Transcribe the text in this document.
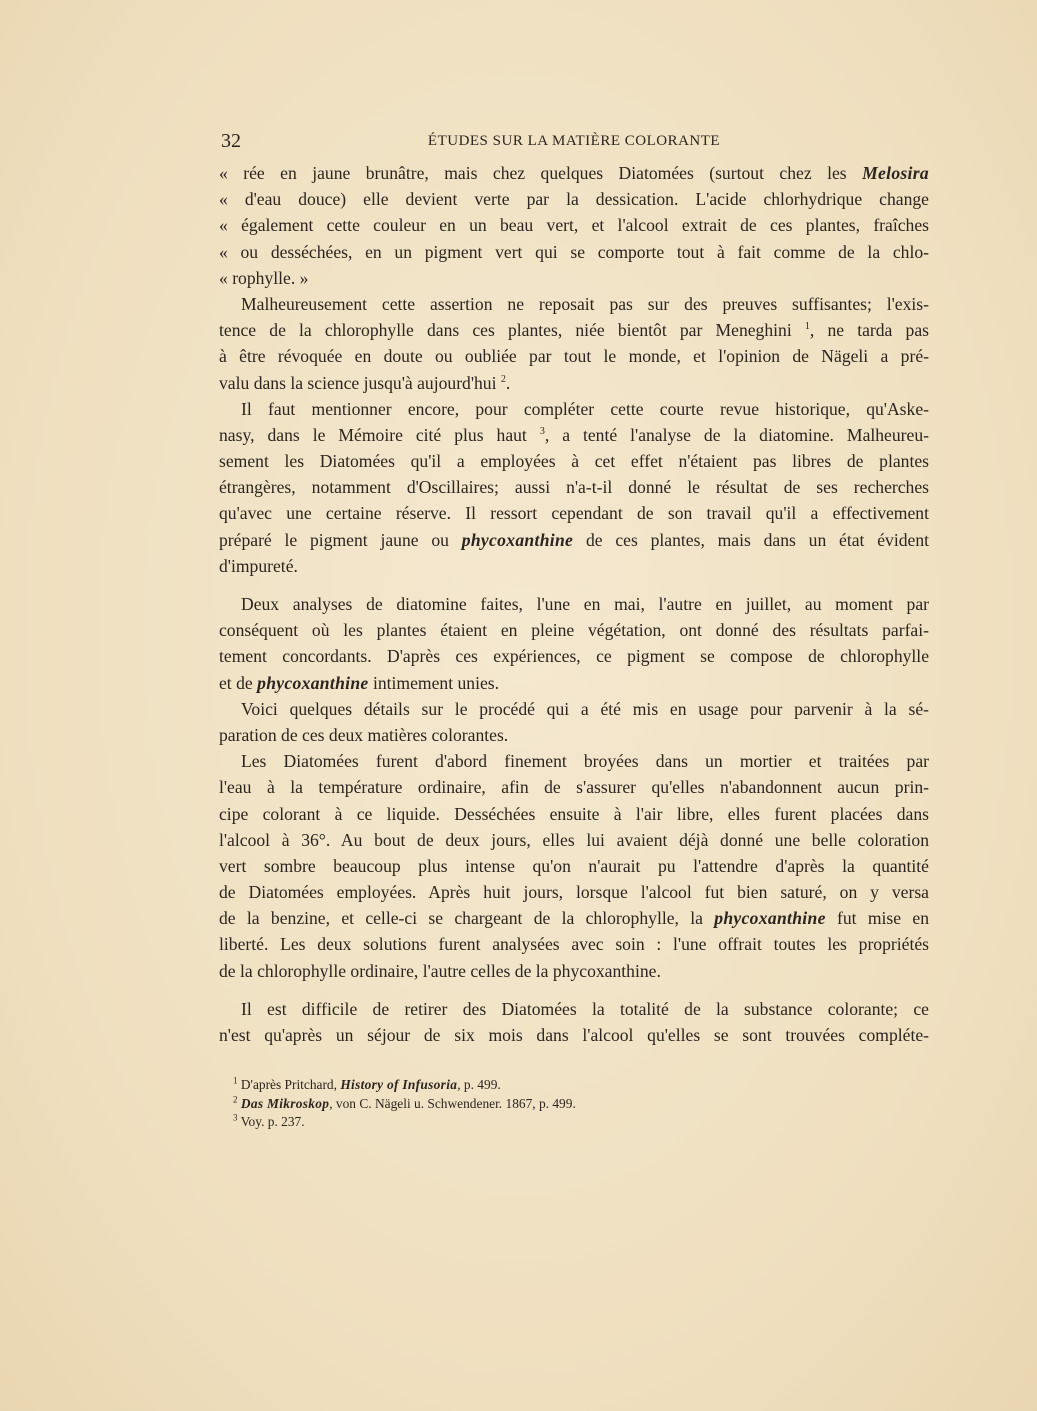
32	ÉTUDES SUR LA MATIÈRE COLORANTE
« rée en jaune brunâtre, mais chez quelques Diatomées (surtout chez les Melosira
« d'eau douce) elle devient verte par la dessication. L'acide chlorhydrique change
« également cette couleur en un beau vert, et l'alcool extrait de ces plantes, fraîches
« ou desséchées, en un pigment vert qui se comporte tout à fait comme de la chlo-
« rophylle. »
Malheureusement cette assertion ne reposait pas sur des preuves suffisantes; l'exis-
tence de la chlorophylle dans ces plantes, niée bientôt par Meneghini $^1$, ne tarda pas
à être révoquée en doute ou oubliée par tout le monde, et l'opinion de Nägeli a pré-
valu dans la science jusqu'à aujourd'hui $^2$.
Il faut mentionner encore, pour compléter cette courte revue historique, qu'Aske-
nasy, dans le Mémoire cité plus haut $^3$, a tenté l'analyse de la diatomine. Malheureu-
sement les Diatomées qu'il a employées à cet effet n'étaient pas libres de plantes
étrangères, notamment d'Oscillaires; aussi n'a-t-il donné le résultat de ses recherches
qu'avec une certaine réserve. Il ressort cependant de son travail qu'il a effectivement
préparé le pigment jaune ou phycoxanthine de ces plantes, mais dans un état évident
d'impureté.
Deux analyses de diatomine faites, l'une en mai, l'autre en juillet, au moment par
conséquent où les plantes étaient en pleine végétation, ont donné des résultats parfai-
tement concordants. D'après ces expériences, ce pigment se compose de chlorophylle
et de phycoxanthine intimement unies.
Voici quelques détails sur le procédé qui a été mis en usage pour parvenir à la sé-
paration de ces deux matières colorantes.
Les Diatomées furent d'abord finement broyées dans un mortier et traitées par
l'eau à la température ordinaire, afin de s'assurer qu'elles n'abandonnent aucun prin-
cipe colorant à ce liquide. Desséchées ensuite à l'air libre, elles furent placées dans
l'alcool à 36°. Au bout de deux jours, elles lui avaient déjà donné une belle coloration
vert sombre beaucoup plus intense qu'on n'aurait pu l'attendre d'après la quantité
de Diatomées employées. Après huit jours, lorsque l'alcool fut bien saturé, on y versa
de la benzine, et celle-ci se chargeant de la chlorophylle, la phycoxanthine fut mise en
liberté. Les deux solutions furent analysées avec soin : l'une offrait toutes les propriétés
de la chlorophylle ordinaire, l'autre celles de la phycoxanthine.
Il est difficile de retirer des Diatomées la totalité de la substance colorante; ce
n'est qu'après un séjour de six mois dans l'alcool qu'elles se sont trouvées compléte-
$^1$ D'après Pritchard, History of Infusoria, p. 499.
$^2$ Das Mikroskop, von C. Nägeli u. Schwendener. 1867, p. 499.
$^3$ Voy. p. 237.
